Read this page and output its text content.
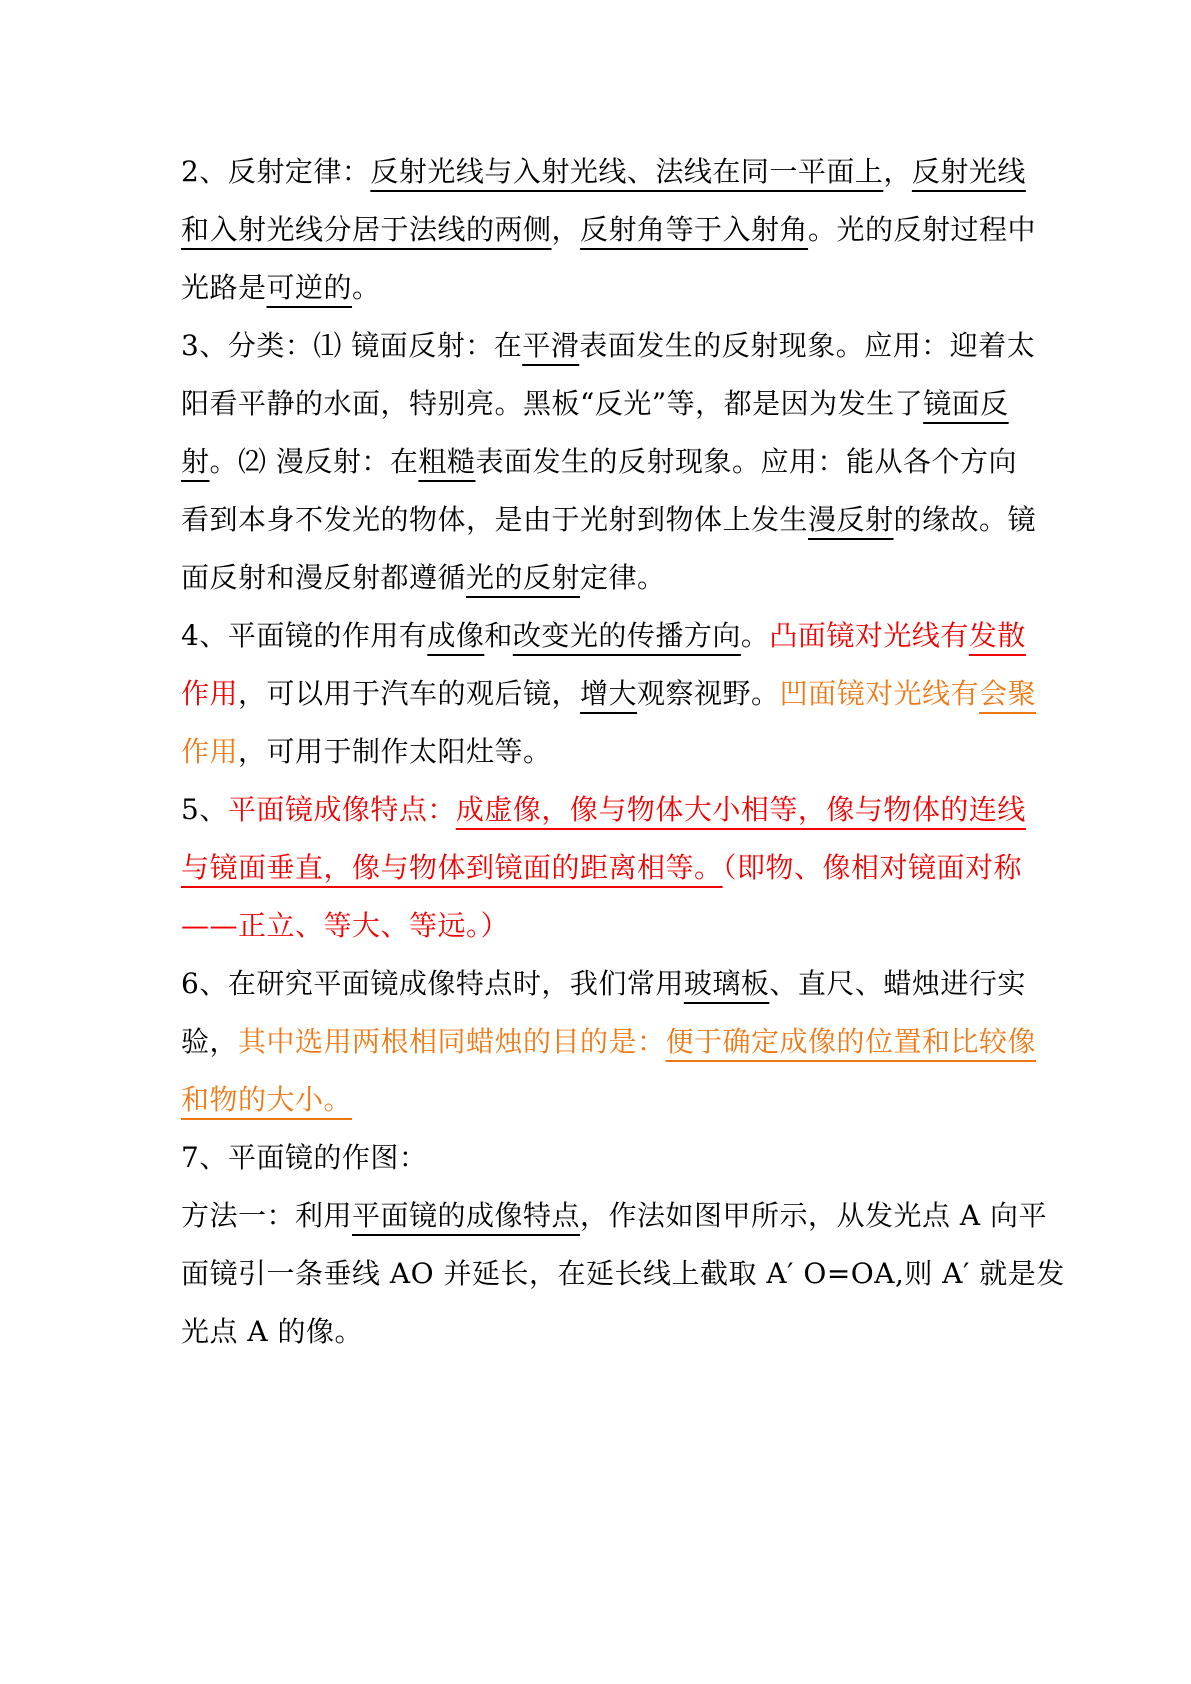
2、反射定律：反射光线与入射光线、法线在同一平面上，反射光线
和入射光线分居于法线的两侧，反射角等于入射角。光的反射过程中
光路是可逆的。
3、分类：⑴ 镜面反射：在平滑表面发生的反射现象。应用：迎着太
阳看平静的水面，特别亮。黑板“反光”等，都是因为发生了镜面反
射。⑵ 漫反射：在粗糙表面发生的反射现象。应用：能从各个方向
看到本身不发光的物体，是由于光射到物体上发生漫反射的缘故。镜
面反射和漫反射都遵循光的反射定律。
4、平面镜的作用有成像和改变光的传播方向。凸面镜对光线有发散
作用，可以用于汽车的观后镜，增大观察视野。凹面镜对光线有会聚
作用，可用于制作太阳灶等。
5、平面镜成像特点：成虚像，像与物体大小相等，像与物体的连线
与镜面垂直，像与物体到镜面的距离相等。（即物、像相对镜面对称
——正立、等大、等远。）
6、在研究平面镜成像特点时，我们常用玻璃板、直尺、蜡烛进行实
验，其中选用两根相同蜡烛的目的是：便于确定成像的位置和比较像
和物的大小。
7、平面镜的作图：
方法一：利用平面镜的成像特点，作法如图甲所示，从发光点 A 向平
面镜引一条垂线 AO 并延长，在延长线上截取 A′ O=OA,则 A′ 就是发
光点 A 的像。
